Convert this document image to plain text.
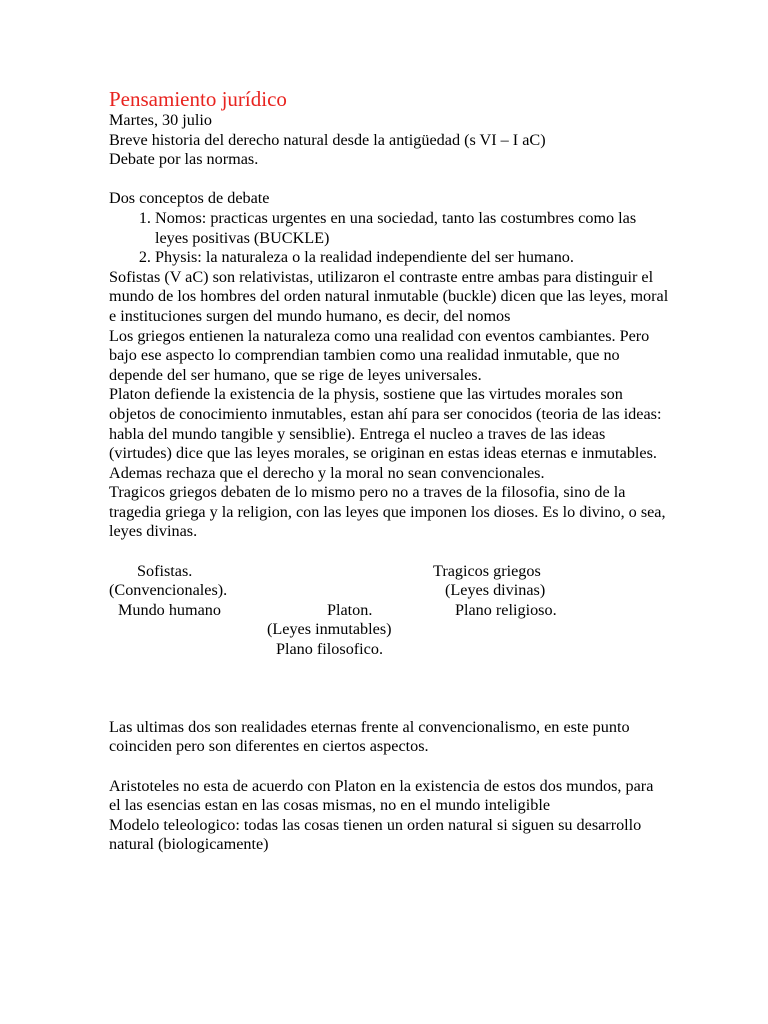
Pensamiento jurídico

Martes, 30 julio

Breve historia del derecho natural desde la antigüedad (s VI – I aC)

Debate por las normas.

Dos conceptos de debate

1. Nomos: practicas urgentes en una sociedad, tanto las costumbres como las leyes positivas (BUCKLE)
2. Physis: la naturaleza o la realidad independiente del ser humano.

Sofistas (V aC) son relativistas, utilizaron el contraste entre ambas para distinguir el mundo de los hombres del orden natural inmutable (buckle) dicen que las leyes, moral e instituciones surgen del mundo humano, es decir, del nomos

Los griegos entienen la naturaleza como una realidad con eventos cambiantes. Pero bajo ese aspecto lo comprendian tambien como una realidad inmutable, que no depende del ser humano, que se rige de leyes universales.

Platon defiende la existencia de la physis, sostiene que las virtudes morales son objetos de conocimiento inmutables, estan ahí para ser conocidos (teoria de las ideas: habla del mundo tangible y sensiblie). Entrega el nucleo a traves de las ideas (virtudes) dice que las leyes morales, se originan en estas ideas eternas e inmutables. Ademas rechaza que el derecho y la moral no sean convencionales.

Tragicos griegos debaten de lo mismo pero no a traves de la filosofia, sino de la tragedia griega y la religion, con las leyes que imponen los dioses. Es lo divino, o sea, leyes divinas.

Sofistas.
(Convencionales).
Mundo humano
Tragicos griegos
(Leyes divinas)
Plano religioso.
Platon.
(Leyes inmutables)
Plano filosofico.

Las ultimas dos son realidades eternas frente al convencionalismo, en este punto coinciden pero son diferentes en ciertos aspectos.

Aristoteles no esta de acuerdo con Platon en la existencia de estos dos mundos, para el las esencias estan en las cosas mismas, no en el mundo inteligible

Modelo teleologico: todas las cosas tienen un orden natural si siguen su desarrollo natural (biologicamente)
